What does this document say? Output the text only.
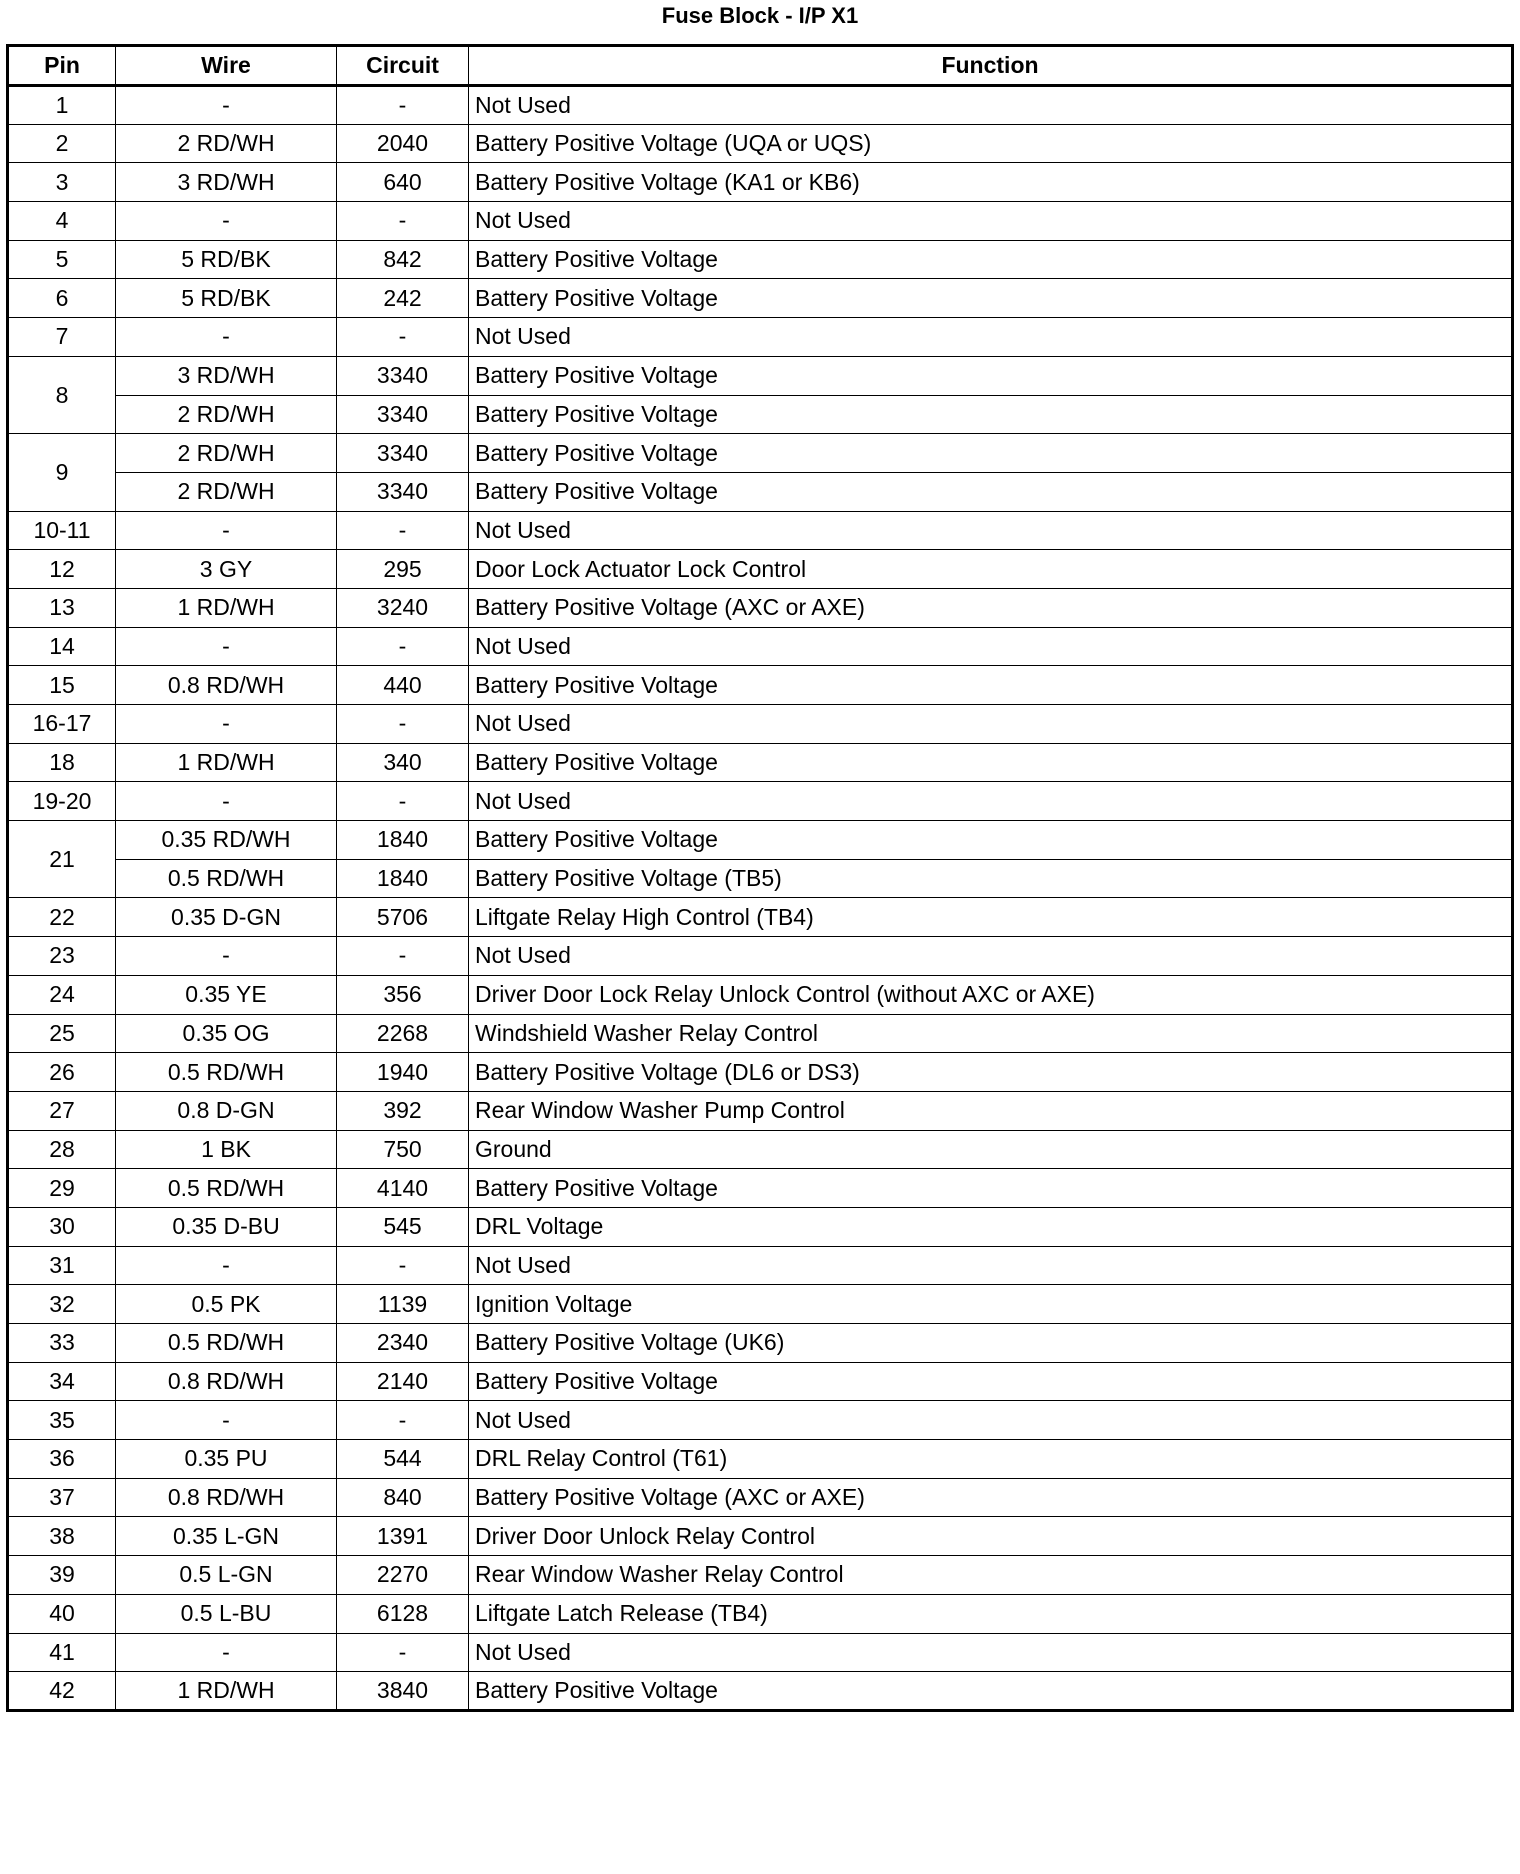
Fuse Block - I/P X1
Pin	Wire	Circuit	Function
1	-	-	Not Used
2	2 RD/WH	2040	Battery Positive Voltage (UQA or UQS)
3	3 RD/WH	640	Battery Positive Voltage (KA1 or KB6)
4	-	-	Not Used
5	5 RD/BK	842	Battery Positive Voltage
6	5 RD/BK	242	Battery Positive Voltage
7	-	-	Not Used
8	3 RD/WH	3340	Battery Positive Voltage
	2 RD/WH	3340	Battery Positive Voltage
9	2 RD/WH	3340	Battery Positive Voltage
	2 RD/WH	3340	Battery Positive Voltage
10-11	-	-	Not Used
12	3 GY	295	Door Lock Actuator Lock Control
13	1 RD/WH	3240	Battery Positive Voltage (AXC or AXE)
14	-	-	Not Used
15	0.8 RD/WH	440	Battery Positive Voltage
16-17	-	-	Not Used
18	1 RD/WH	340	Battery Positive Voltage
19-20	-	-	Not Used
21	0.35 RD/WH	1840	Battery Positive Voltage
	0.5 RD/WH	1840	Battery Positive Voltage (TB5)
22	0.35 D-GN	5706	Liftgate Relay High Control (TB4)
23	-	-	Not Used
24	0.35 YE	356	Driver Door Lock Relay Unlock Control (without AXC or AXE)
25	0.35 OG	2268	Windshield Washer Relay Control
26	0.5 RD/WH	1940	Battery Positive Voltage (DL6 or DS3)
27	0.8 D-GN	392	Rear Window Washer Pump Control
28	1 BK	750	Ground
29	0.5 RD/WH	4140	Battery Positive Voltage
30	0.35 D-BU	545	DRL Voltage
31	-	-	Not Used
32	0.5 PK	1139	Ignition Voltage
33	0.5 RD/WH	2340	Battery Positive Voltage (UK6)
34	0.8 RD/WH	2140	Battery Positive Voltage
35	-	-	Not Used
36	0.35 PU	544	DRL Relay Control (T61)
37	0.8 RD/WH	840	Battery Positive Voltage (AXC or AXE)
38	0.35 L-GN	1391	Driver Door Unlock Relay Control
39	0.5 L-GN	2270	Rear Window Washer Relay Control
40	0.5 L-BU	6128	Liftgate Latch Release (TB4)
41	-	-	Not Used
42	1 RD/WH	3840	Battery Positive Voltage
